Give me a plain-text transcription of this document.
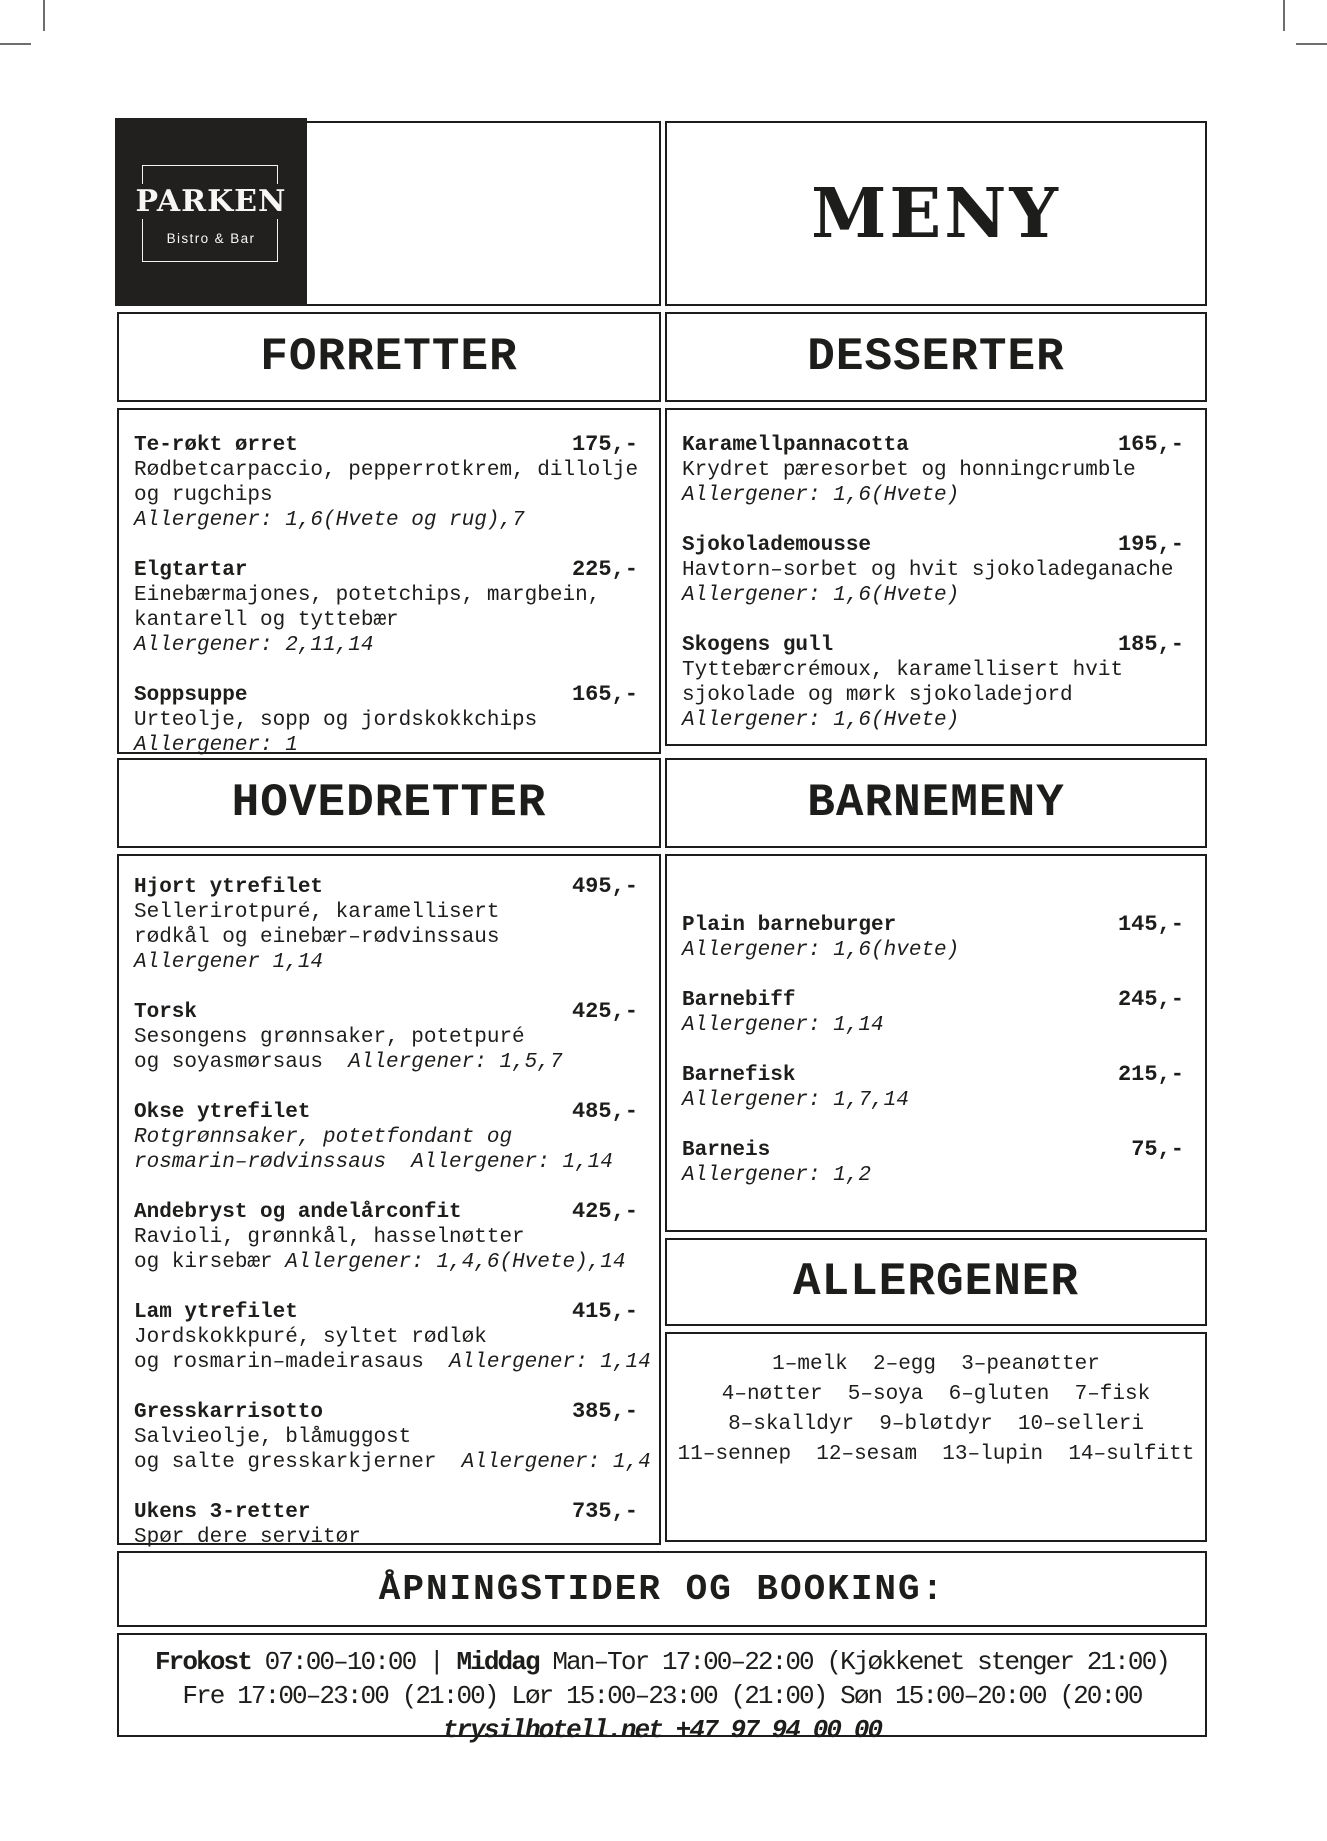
MENY
PARKEN
Bistro & Bar
FORRETTER	DESSERTER
Te-røkt ørret	175,-
Rødbetcarpaccio, pepperrotkrem, dillolje
og rugchips
Allergener: 1,6(Hvete og rug),7
Elgtartar	225,-
Einebærmajones, potetchips, margbein,
kantarell og tyttebær
Allergener: 2,11,14
Soppsuppe	165,-
Urteolje, sopp og jordskokkchips
Allergener: 1
Karamellpannacotta	165,-
Krydret pæresorbet og honningcrumble
Allergener: 1,6(Hvete)
Sjokolademousse	195,-
Havtorn–sorbet og hvit sjokoladeganache
Allergener: 1,6(Hvete)
Skogens gull	185,-
Tyttebærcrémoux, karamellisert hvit
sjokolade og mørk sjokoladejord
Allergener: 1,6(Hvete)
HOVEDRETTER	BARNEMENY
Hjort ytrefilet	495,-
Sellerirotpuré, karamellisert
rødkål og einebær–rødvinssaus
Allergener 1,14
Torsk	425,-
Sesongens grønnsaker, potetpuré
og soyasmørsaus  Allergener: 1,5,7
Okse ytrefilet	485,-
Rotgrønnsaker, potetfondant og
rosmarin–rødvinssaus  Allergener: 1,14
Andebryst og andelårconfit	425,-
Ravioli, grønnkål, hasselnøtter
og kirsebær Allergener: 1,4,6(Hvete),14
Lam ytrefilet	415,-
Jordskokkpuré, syltet rødløk
og rosmarin–madeirasaus  Allergener: 1,14
Gresskarrisotto	385,-
Salvieolje, blåmuggost
og salte gresskarkjerner  Allergener: 1,4
Ukens 3-retter	735,-
Spør dere servitør
Plain barneburger	145,-
Allergener: 1,6(hvete)
Barnebiff	245,-
Allergener: 1,14
Barnefisk	215,-
Allergener: 1,7,14
Barneis	75,-
Allergener: 1,2
ALLERGENER
1–melk  2–egg  3–peanøtter
4–nøtter  5–soya  6–gluten  7–fisk
8–skalldyr  9–bløtdyr  10–selleri
11–sennep  12–sesam  13–lupin  14–sulfitt
ÅPNINGSTIDER OG BOOKING:
Frokost 07:00–10:00 | Middag Man–Tor 17:00–22:00 (Kjøkkenet stenger 21:00)
Fre 17:00–23:00 (21:00) Lør 15:00–23:00 (21:00) Søn 15:00–20:00 (20:00
trysilhotell.net +47 97 94 00 00
